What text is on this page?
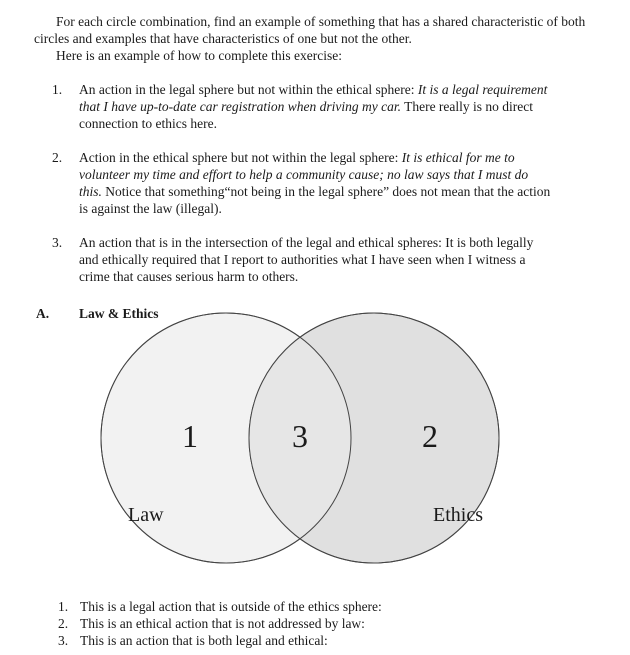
For each circle combination, find an example of something that has a shared characteristic of both circles and examples that have characteristics of one but not the other.

Here is an example of how to complete this exercise:

1.	An action in the legal sphere but not within the ethical sphere: It is a legal requirement that I have up-to-date car registration when driving my car. There really is no direct connection to ethics here.
2.	Action in the ethical sphere but not within the legal sphere: It is ethical for me to volunteer my time and effort to help a community cause; no law says that I must do this. Notice that something“not being in the legal sphere” does not mean that the action is against the law (illegal).
3.	An action that is in the intersection of the legal and ethical spheres: It is both legally and ethically required that I report to authorities what I have seen when I witness a crime that causes serious harm to others.
A. Law & Ethics
1	3	2
Law	Ethics
1. This is a legal action that is outside of the ethics sphere:
2. This is an ethical action that is not addressed by law:
3. This is an action that is both legal and ethical:
